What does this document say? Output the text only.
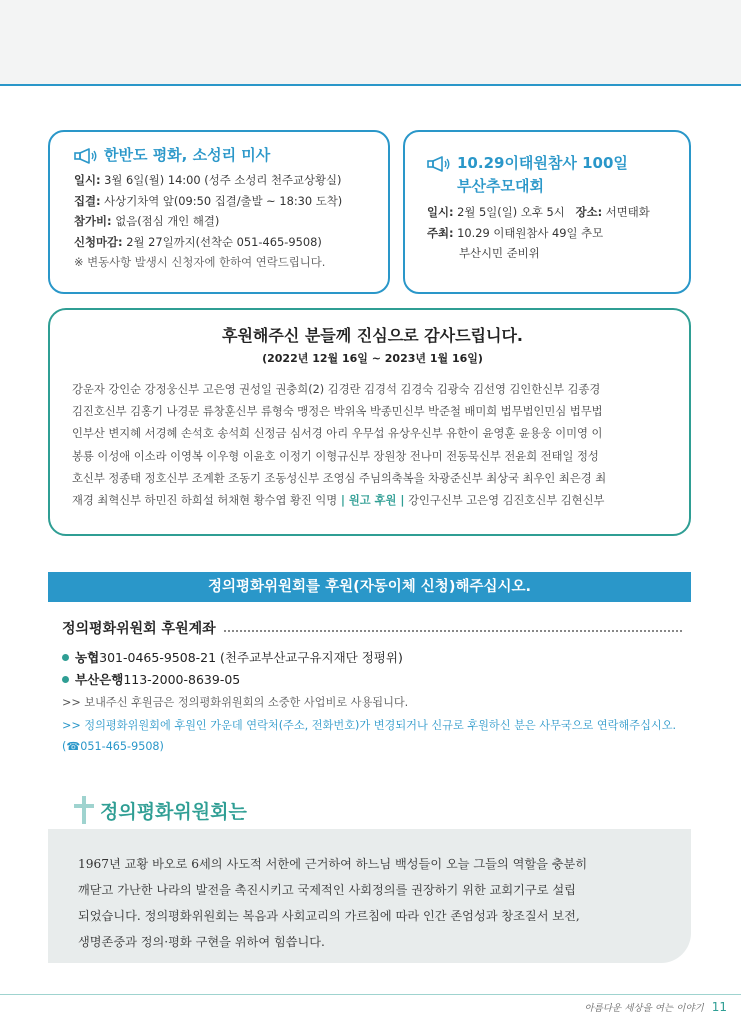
한반도 평화, 소성리 미사
일시: 3월 6일(월) 14:00 (성주 소성리 천주교상황실)
집결: 사상기차역 앞(09:50 집결/출발 ~ 18:30 도착)
참가비: 없음(점심 개인 해결)
신청마감: 2월 27일까지(선착순 051-465-9508)
※ 변동사항 발생시 신청자에 한하여 연락드립니다.
10.29이태원참사 100일
부산추모대회
일시: 2월 5일(일) 오후 5시 장소: 서면태화
주최: 10.29 이태원참사 49일 추모
부산시민 준비위
후원해주신 분들께 진심으로 감사드립니다.
(2022년 12월 16일 ~ 2023년 1월 16일)
강운자 강인순 강정웅신부 고은영 권성일 권충희(2) 김경란 김경석 김경숙 김광숙 김선영 김인한신부 김종경
김진호신부 김홍기 나경문 류창훈신부 류형숙 맹정은 박위옥 박종민신부 박준철 배미희 법무법인민심 법무법
인부산 변지혜 서경혜 손석호 송석희 신정금 심서경 아리 우무섭 유상우신부 유한이 윤영훈 윤용웅 이미영 이
봉룡 이성애 이소라 이영복 이우형 이윤호 이정기 이형규신부 장원창 전나미 전동묵신부 전윤희 전태일 정성
호신부 정종태 정호신부 조계환 조동기 조동성신부 조영심 주님의축복을 차광준신부 최상국 최우인 최은경 최
재경 최혁신부 하민진 하희설 허채현 황수엽 황진 익명 | 원고 후원 | 강인구신부 고은영 김진호신부 김현신부
정의평화위원회를 후원(자동이체 신청)해주십시오.
정의평화위원회 후원계좌
농협 301-0465-9508-21 (천주교부산교구유지재단 정평위)
부산은행 113-2000-8639-05
>> 보내주신 후원금은 정의평화위원회의 소중한 사업비로 사용됩니다.
>> 정의평화위원회에 후원인 가운데 연락처(주소, 전화번호)가 변경되거나 신규로 후원하신 분은 사무국으로 연락해주십시오. (☎051-465-9508)
정의평화위원회는
1967년 교황 바오로 6세의 사도적 서한에 근거하여 하느님 백성들이 오늘 그들의 역할을 충분히
깨닫고 가난한 나라의 발전을 촉진시키고 국제적인 사회정의를 권장하기 위한 교회기구로 설립
되었습니다. 정의평화위원회는 복음과 사회교리의 가르침에 따라 인간 존엄성과 창조질서 보전,
생명존중과 정의·평화 구현을 위하여 힘씁니다.
아름다운 세상을 여는 이야기 11
